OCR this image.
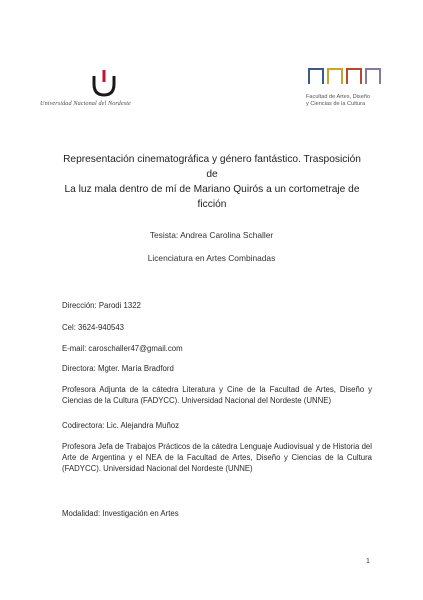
Universidad Nacional del Nordeste
Facultad de Artes, Diseño
y Ciencias de la Cultura
Representación cinematográfica y género fantástico. Trasposición de
La luz mala dentro de mí de Mariano Quirós a un cortometraje de
ficción
Tesista: Andrea Carolina Schaller
Licenciatura en Artes Combinadas
Dirección: Parodi 1322
Cel: 3624-940543
E-mail: caroschaller47@gmail.com
Directora: Mgter. María Bradford
Profesora Adjunta de la cátedra Literatura y Cine de la Facultad de Artes, Diseño y Ciencias de la Cultura (FADYCC). Universidad Nacional del Nordeste (UNNE)
Codirectora: Lic. Alejandra Muñoz
Profesora Jefa de Trabajos Prácticos de la cátedra Lenguaje Audiovisual y de Historia del Arte de Argentina y el NEA de la Facultad de Artes, Diseño y Ciencias de la Cultura (FADYCC). Universidad Nacional del Nordeste (UNNE)
Modalidad: Investigación en Artes
1
